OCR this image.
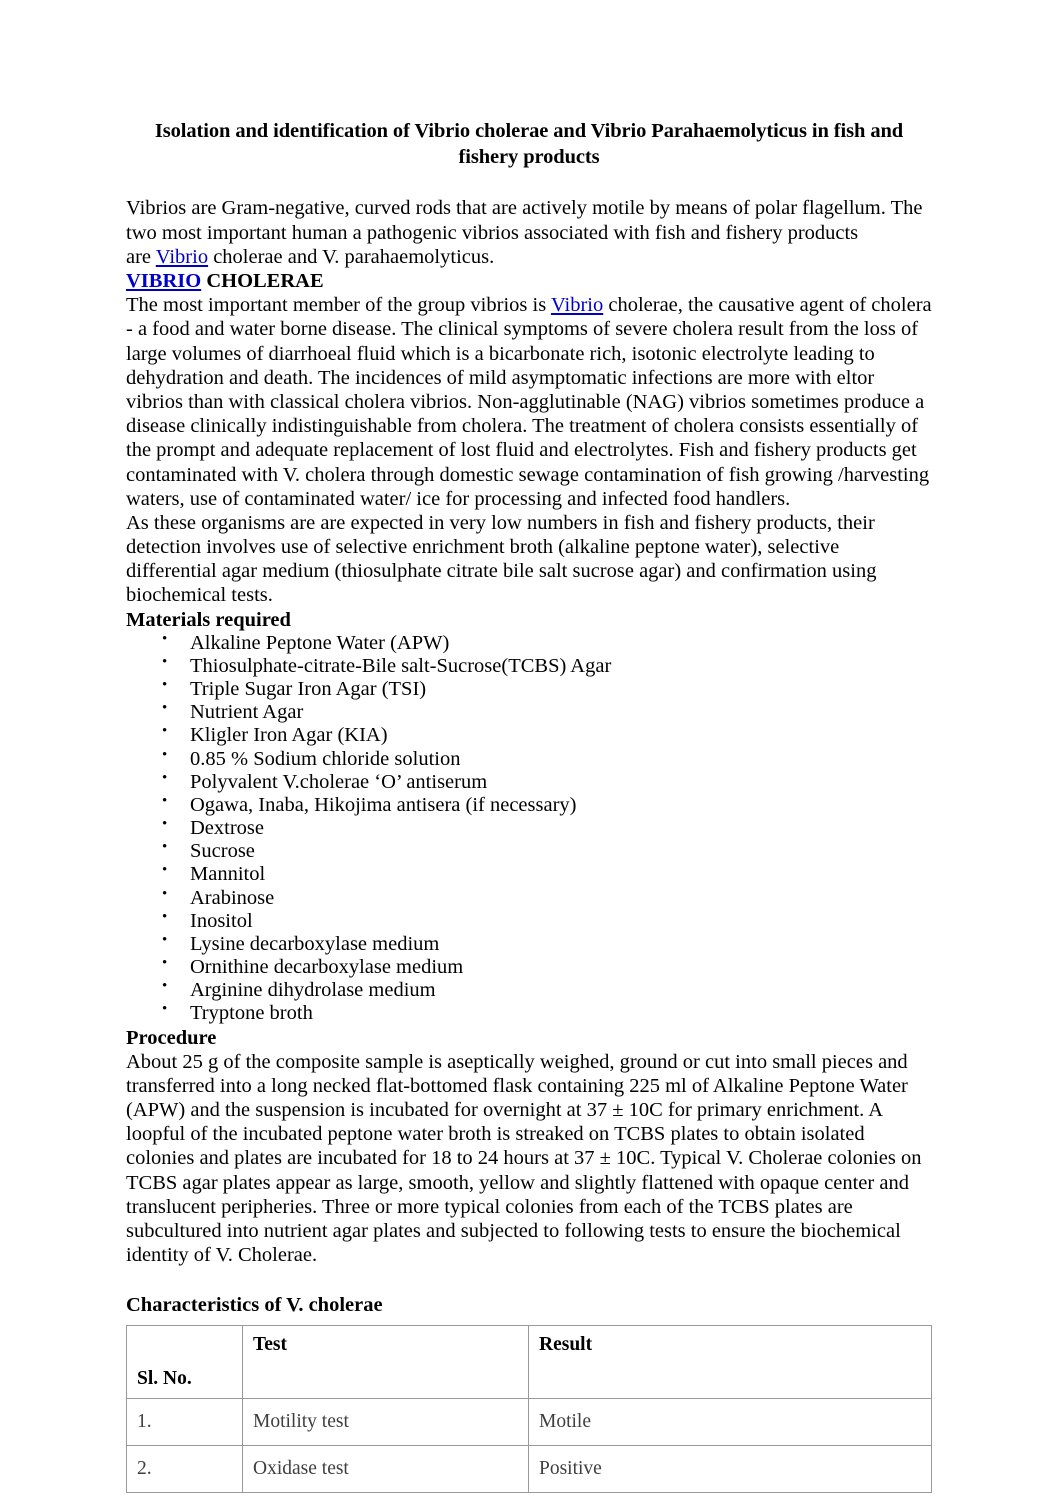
Isolation and identification of Vibrio cholerae and Vibrio Parahaemolyticus in fish and fishery products

Vibrios are Gram-negative, curved rods that are actively motile by means of polar flagellum. The two most important human a pathogenic vibrios associated with fish and fishery products

are Vibrio cholerae and V. parahaemolyticus.

VIBRIO CHOLERAE

The most important member of the group vibrios is Vibrio cholerae, the causative agent of cholera - a food and water borne disease. The clinical symptoms of severe cholera result from the loss of large volumes of diarrhoeal fluid which is a bicarbonate rich, isotonic electrolyte leading to dehydration and death. The incidences of mild asymptomatic infections are more with eltor vibrios than with classical cholera vibrios. Non-agglutinable (NAG) vibrios sometimes produce a disease clinically indistinguishable from cholera. The treatment of cholera consists essentially of the prompt and adequate replacement of lost fluid and electrolytes. Fish and fishery products get contaminated with V. cholera through domestic sewage contamination of fish growing /harvesting waters, use of contaminated water/ ice for processing and infected food handlers.

As these organisms are are expected in very low numbers in fish and fishery products, their detection involves use of selective enrichment broth (alkaline peptone water), selective differential agar medium (thiosulphate citrate bile salt sucrose agar) and confirmation using biochemical tests.

Materials required
• Alkaline Peptone Water (APW)
• Thiosulphate-citrate-Bile salt-Sucrose(TCBS) Agar
• Triple Sugar Iron Agar (TSI)
• Nutrient Agar
• Kligler Iron Agar (KIA)
• 0.85 % Sodium chloride solution
• Polyvalent V.cholerae ‘O’ antiserum
• Ogawa, Inaba, Hikojima antisera (if necessary)
• Dextrose
• Sucrose
• Mannitol
• Arabinose
• Inositol
• Lysine decarboxylase medium
• Ornithine decarboxylase medium
• Arginine dihydrolase medium
• Tryptone broth
Procedure

About 25 g of the composite sample is aseptically weighed, ground or cut into small pieces and transferred into a long necked flat-bottomed flask containing 225 ml of Alkaline Peptone Water (APW) and the suspension is incubated for overnight at 37 ± 10C for primary enrichment. A loopful of the incubated peptone water broth is streaked on TCBS plates to obtain isolated colonies and plates are incubated for 18 to 24 hours at 37 ± 10C. Typical V. Cholerae colonies on TCBS agar plates appear as large, smooth, yellow and slightly flattened with opaque center and translucent peripheries. Three or more typical colonies from each of the TCBS plates are subcultured into nutrient agar plates and subjected to following tests to ensure the biochemical identity of V. Cholerae.

Characteristics of V. cholerae
Sl. No.	Test	Result
1.	Motility test	Motile
2.	Oxidase test	Positive
